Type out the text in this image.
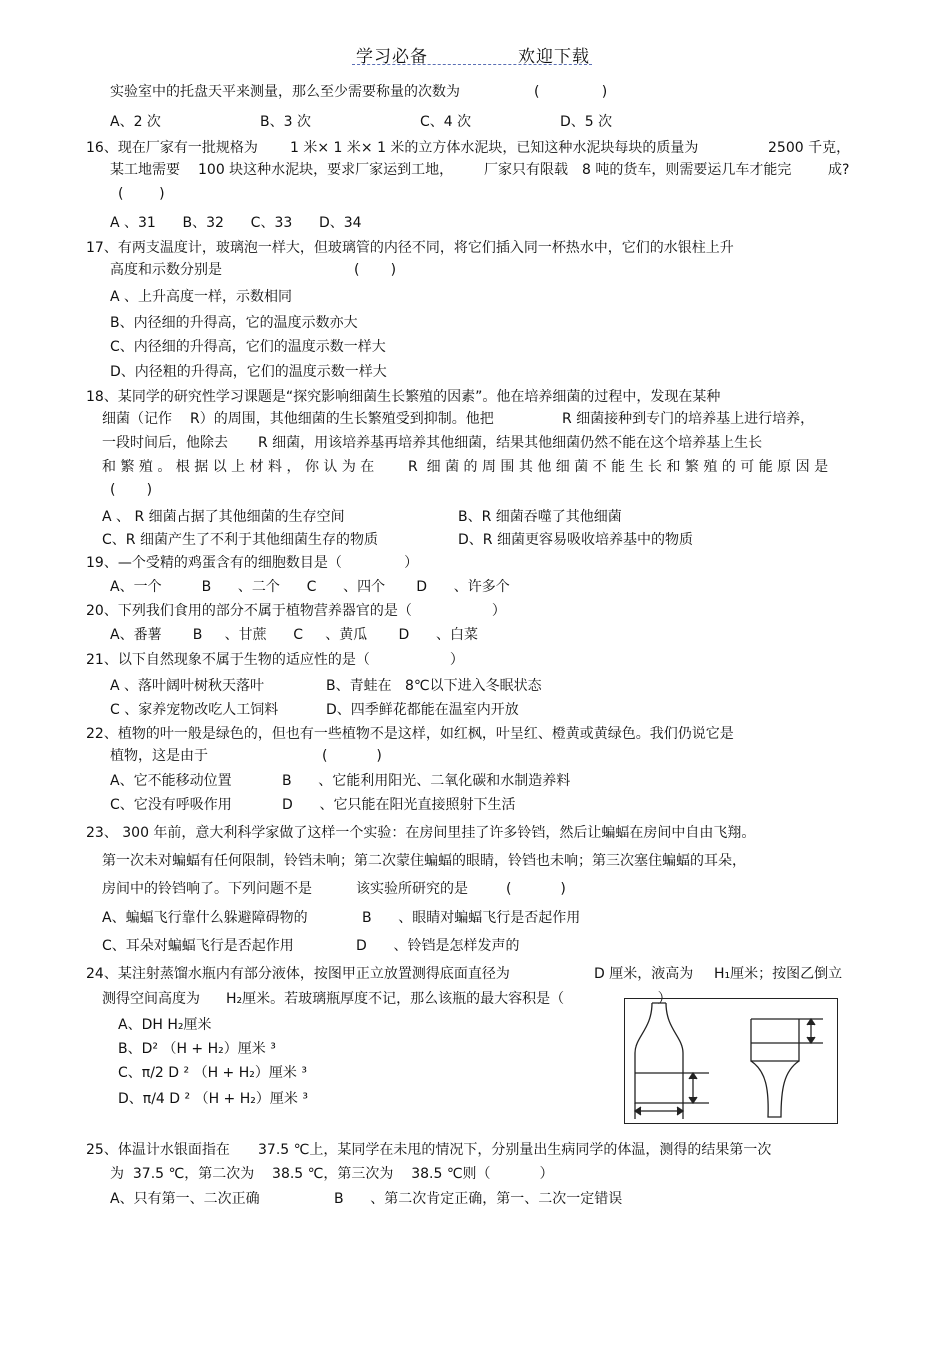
学习必备	欢迎下载
实验室中的托盘天平来测量，那么至少需要称量的次数为	(              )
A、2 次	B、3 次	C、4 次	D、5 次
16、现在厂家有一批规格为 1 米× 1 米× 1 米的立方体水泥块，已知这种水泥块每块的质量为	2500 千克，
某工地需要 100 块这种水泥块，要求厂家运到工地， 厂家只有限载 8 吨的货车，则需要运几车才能完	成?
(        )
A 、31      B、32      C、33      D、34
17、有两支温度计，玻璃泡一样大，但玻璃管的内径不同，将它们插入同一杯热水中，它们的水银柱上升
高度和示数分别是	(       )
A 、上升高度一样，示数相同
B、内径细的升得高，它的温度示数亦大
C、内径细的升得高，它们的温度示数一样大
D、内径粗的升得高，它们的温度示数一样大
18、某同学的研究性学习课题是“探究影响细菌生长繁殖的因素”。他在培养细菌的过程中，发现在某种
细菌（记作 R）的周围，其他细菌的生长繁殖受到抑制。他把	R 细菌接种到专门的培养基上进行培养，
一段时间后，他除去 R 细菌，用该培养基再培养其他细菌，结果其他细菌仍然不能在这个培养基上生长
和 繁 殖 。 根 据 以 上 材 料 ， 你 认 为 在 R  细 菌 的 周 围 其 他 细 菌 不 能 生 长 和 繁 殖 的 可 能 原 因 是
(       )
A 、 R 细菌占据了其他细菌的生存空间	B、R 细菌吞噬了其他细菌
C、R 细菌产生了不利于其他细菌生存的物质	D、R 细菌更容易吸收培养基中的物质
19、—个受精的鸡蛋含有的细胞数目是（              ）
A、一个         B      、二个      C      、四个       D      、许多个
20、下列我们食用的部分不属于植物营养器官的是（                  ）
A、番薯       B     、甘蔗      C     、黄瓜       D      、白菜
21、以下自然现象不属于生物的适应性的是（                  ）
A 、落叶阔叶树秋天落叶	B、青蛙在   8℃以下进入冬眠状态
C 、家养宠物改吃人工饲料	D、四季鲜花都能在温室内开放
22、植物的叶一般是绿色的，但也有一些植物不是这样，如红枫，叶呈红、橙黄或黄绿色。我们仍说它是
植物，这是由于	(           )
A、它不能移动位置	B      、它能利用阳光、二氧化碳和水制造养料
C、它没有呼吸作用	D      、它只能在阳光直接照射下生活
23、 300 年前，意大利科学家做了这样一个实验：在房间里挂了许多铃铛，然后让蝙蝠在房间中自由飞翔。
第一次未对蝙蝠有任何限制，铃铛未响；第二次蒙住蝙蝠的眼睛，铃铛也未响；第三次塞住蝙蝠的耳朵，
房间中的铃铛响了。下列问题不是	该实验所研究的是	(           )
A、蝙蝠飞行靠什么躲避障碍物的	B      、眼睛对蝙蝠飞行是否起作用
C、耳朵对蝙蝠飞行是否起作用	D      、铃铛是怎样发声的
24、某注射蒸馏水瓶内有部分液体，按图甲正立放置测得底面直径为	D 厘米，液高为 H₁厘米；按图乙倒立
测得空间高度为 H₂厘米。若玻璃瓶厚度不记，那么该瓶的最大容积是（                     ）
A、DH H₂厘米
B、D² （H + H₂）厘米 ³
C、π/2 D ² （H + H₂）厘米 ³
D、π/4 D ² （H + H₂）厘米 ³
25、体温计水银面指在 37.5 ℃上，某同学在未甩的情况下，分别量出生病同学的体温，测得的结果第一次
为  37.5 ℃，第二次为    38.5 ℃，第三次为    38.5 ℃则（           ）
A、只有第一、二次正确	B      、第二次肯定正确，第一、二次一定错误
